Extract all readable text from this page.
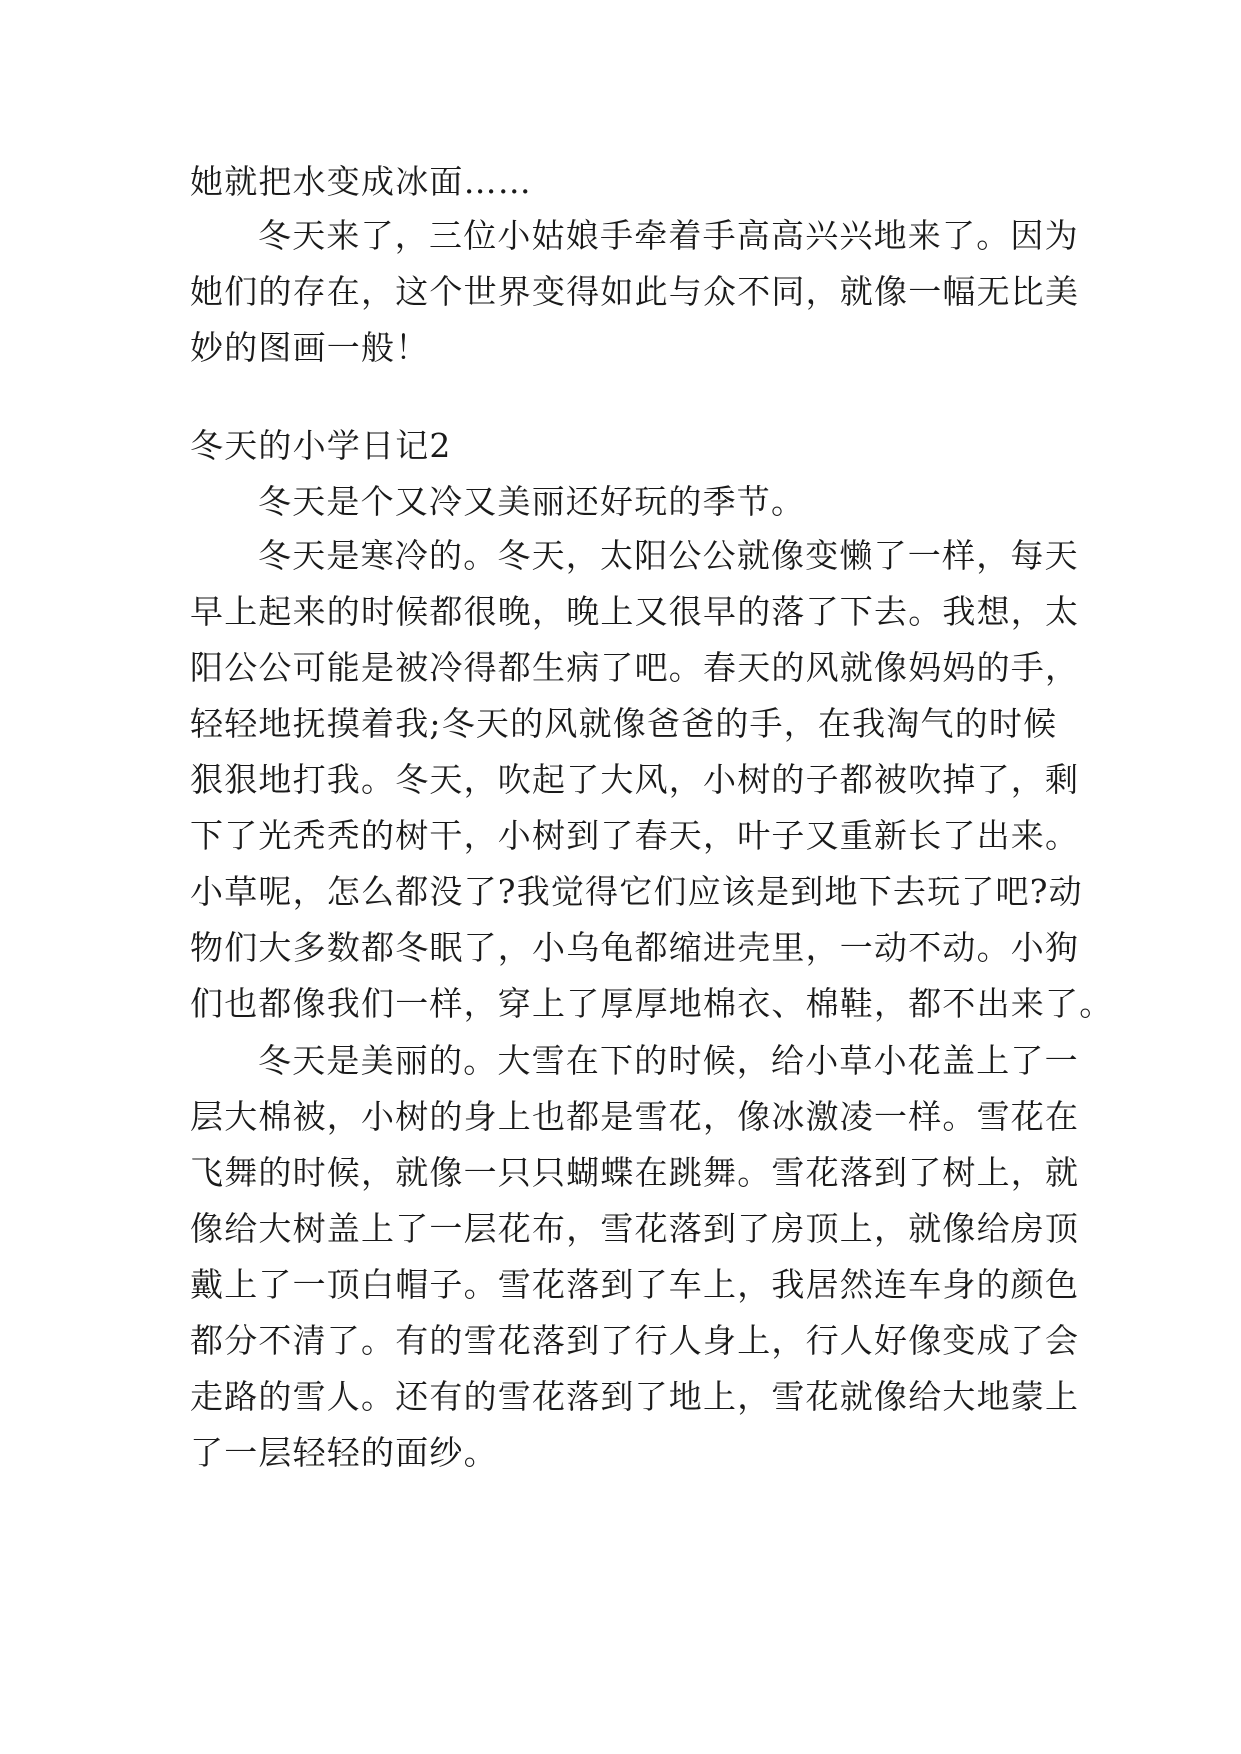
她就把水变成冰面……
冬天来了，三位小姑娘手牵着手高高兴兴地来了。因为
她们的存在，这个世界变得如此与众不同，就像一幅无比美
妙的图画一般！
冬天的小学日记2
冬天是个又冷又美丽还好玩的季节。
冬天是寒冷的。冬天，太阳公公就像变懒了一样，每天
早上起来的时候都很晚，晚上又很早的落了下去。我想，太
阳公公可能是被冷得都生病了吧。春天的风就像妈妈的手，
轻轻地抚摸着我;冬天的风就像爸爸的手，在我淘气的时候
狠狠地打我。冬天，吹起了大风，小树的子都被吹掉了，剩
下了光秃秃的树干，小树到了春天，叶子又重新长了出来。
小草呢，怎么都没了?我觉得它们应该是到地下去玩了吧?动
物们大多数都冬眠了，小乌龟都缩进壳里，一动不动。小狗
们也都像我们一样，穿上了厚厚地棉衣、棉鞋，都不出来了。
冬天是美丽的。大雪在下的时候，给小草小花盖上了一
层大棉被，小树的身上也都是雪花，像冰激凌一样。雪花在
飞舞的时候，就像一只只蝴蝶在跳舞。雪花落到了树上，就
像给大树盖上了一层花布，雪花落到了房顶上，就像给房顶
戴上了一顶白帽子。雪花落到了车上，我居然连车身的颜色
都分不清了。有的雪花落到了行人身上，行人好像变成了会
走路的雪人。还有的雪花落到了地上，雪花就像给大地蒙上
了一层轻轻的面纱。
